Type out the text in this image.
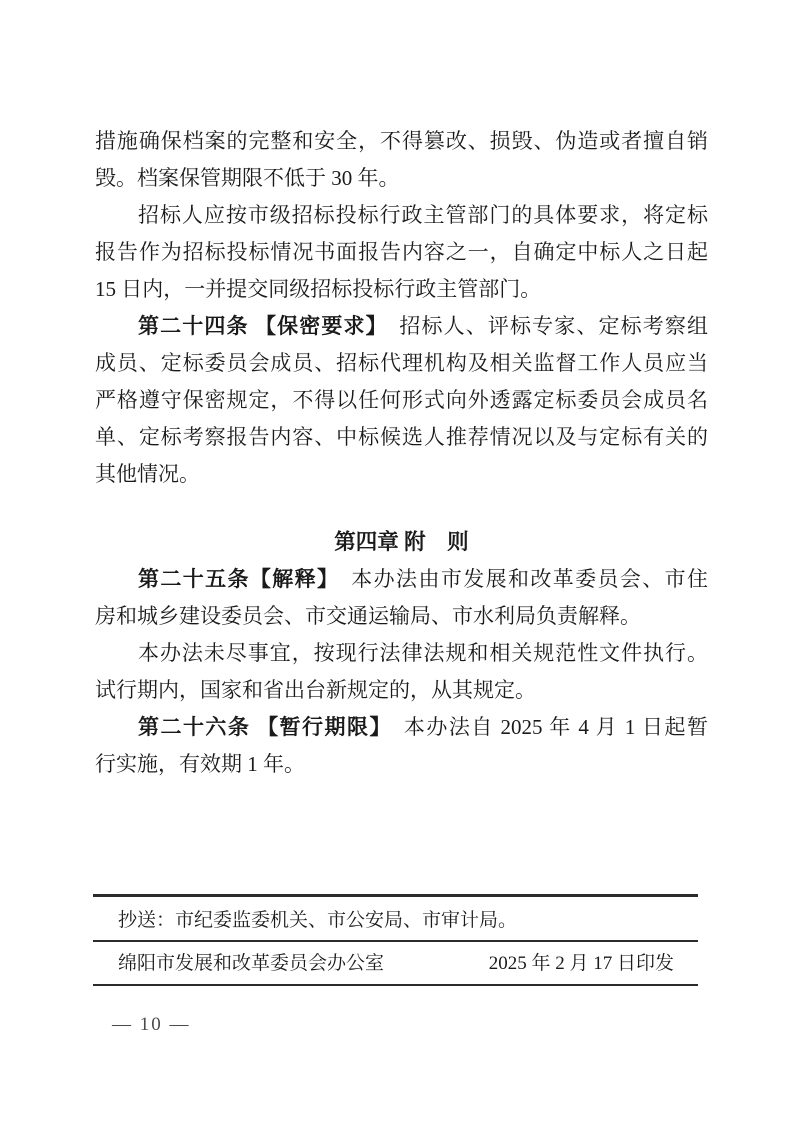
措施确保档案的完整和安全，不得篡改、损毁、伪造或者擅自销
毁。档案保管期限不低于 30 年。
招标人应按市级招标投标行政主管部门的具体要求，将定标
报告作为招标投标情况书面报告内容之一，自确定中标人之日起
15 日内，一并提交同级招标投标行政主管部门。
第二十四条 【保密要求】　招标人、评标专家、定标考察组
成员、定标委员会成员、招标代理机构及相关监督工作人员应当
严格遵守保密规定，不得以任何形式向外透露定标委员会成员名
单、定标考察报告内容、中标候选人推荐情况以及与定标有关的
其他情况。
第四章 附　则
第二十五条【解释】　本办法由市发展和改革委员会、市住
房和城乡建设委员会、市交通运输局、市水利局负责解释。
本办法未尽事宜，按现行法律法规和相关规范性文件执行。
试行期内，国家和省出台新规定的，从其规定。
第二十六条 【暂行期限】　本办法自 2025 年 4 月 1 日起暂
行实施，有效期 1 年。
抄送：市纪委监委机关、市公安局、市审计局。
绵阳市发展和改革委员会办公室	2025 年 2 月 17 日印发
— 10 —
